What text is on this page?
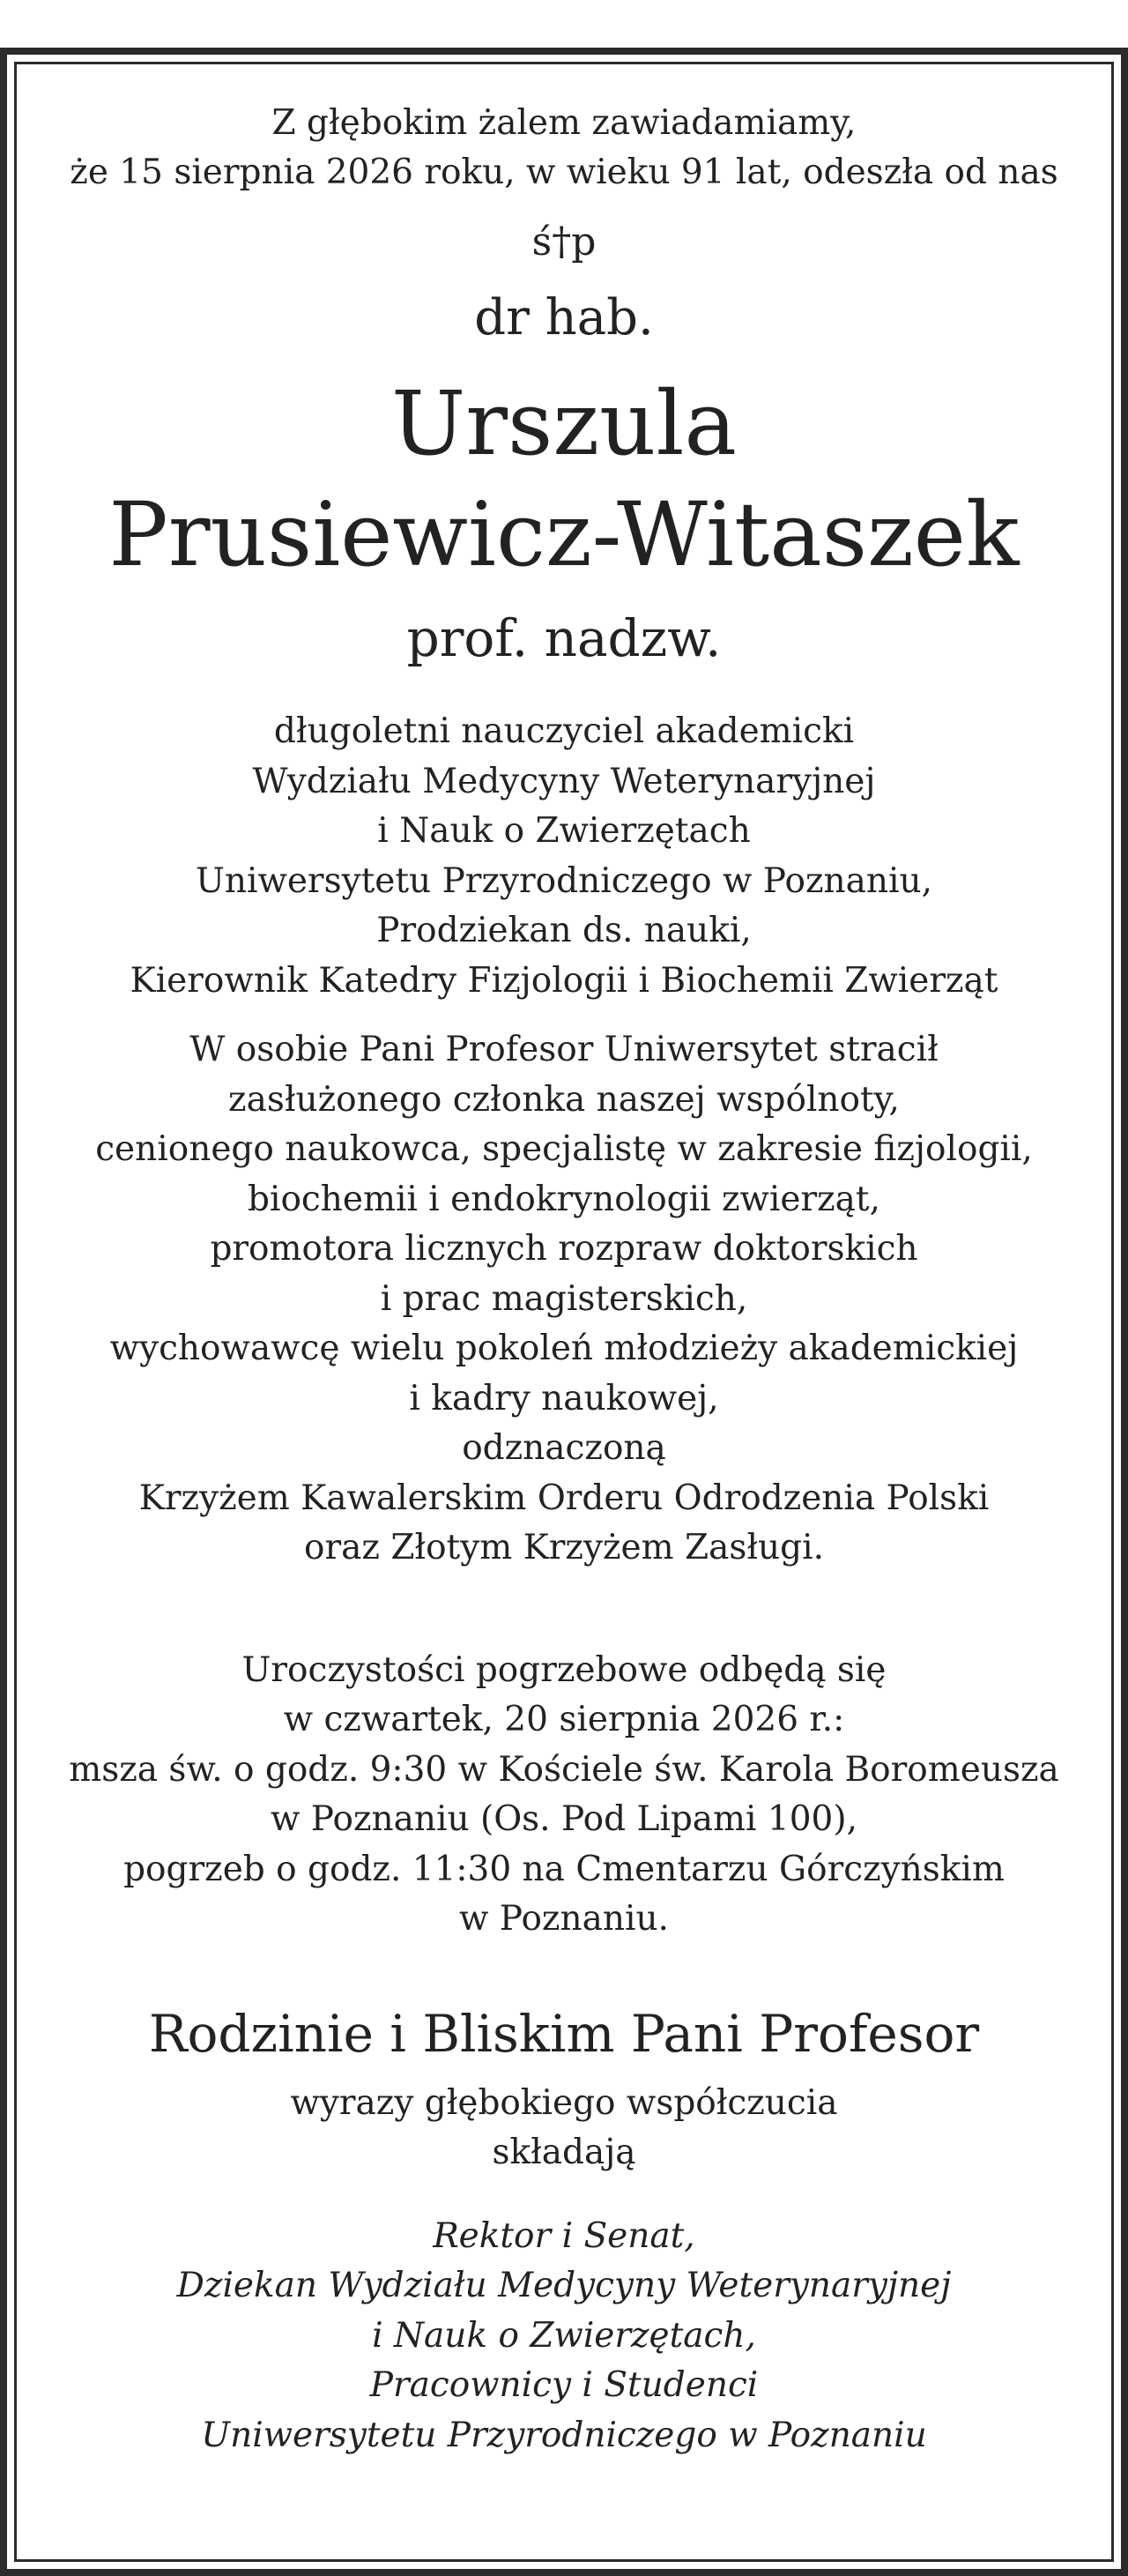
Z głębokim żalem zawiadamiamy,
że 15 sierpnia 2026 roku, w wieku 91 lat, odeszła od nas
ś†p
dr hab.
Urszula
Prusiewicz-Witaszek
prof. nadzw.
długoletni nauczyciel akademicki
Wydziału Medycyny Weterynaryjnej
i Nauk o Zwierzętach
Uniwersytetu Przyrodniczego w Poznaniu,
Prodziekan ds. nauki,
Kierownik Katedry Fizjologii i Biochemii Zwierząt
W osobie Pani Profesor Uniwersytet stracił
zasłużonego członka naszej wspólnoty,
cenionego naukowca, specjalistę w zakresie fizjologii,
biochemii i endokrynologii zwierząt,
promotora licznych rozpraw doktorskich
i prac magisterskich,
wychowawcę wielu pokoleń młodzieży akademickiej
i kadry naukowej,
odznaczoną
Krzyżem Kawalerskim Orderu Odrodzenia Polski
oraz Złotym Krzyżem Zasługi.
Uroczystości pogrzebowe odbędą się
w czwartek, 20 sierpnia 2026 r.:
msza św. o godz. 9:30 w Kościele św. Karola Boromeusza
w Poznaniu (Os. Pod Lipami 100),
pogrzeb o godz. 11:30 na Cmentarzu Górczyńskim
w Poznaniu.
Rodzinie i Bliskim Pani Profesor
wyrazy głębokiego współczucia
składają
Rektor i Senat,
Dziekan Wydziału Medycyny Weterynaryjnej
i Nauk o Zwierzętach,
Pracownicy i Studenci
Uniwersytetu Przyrodniczego w Poznaniu
